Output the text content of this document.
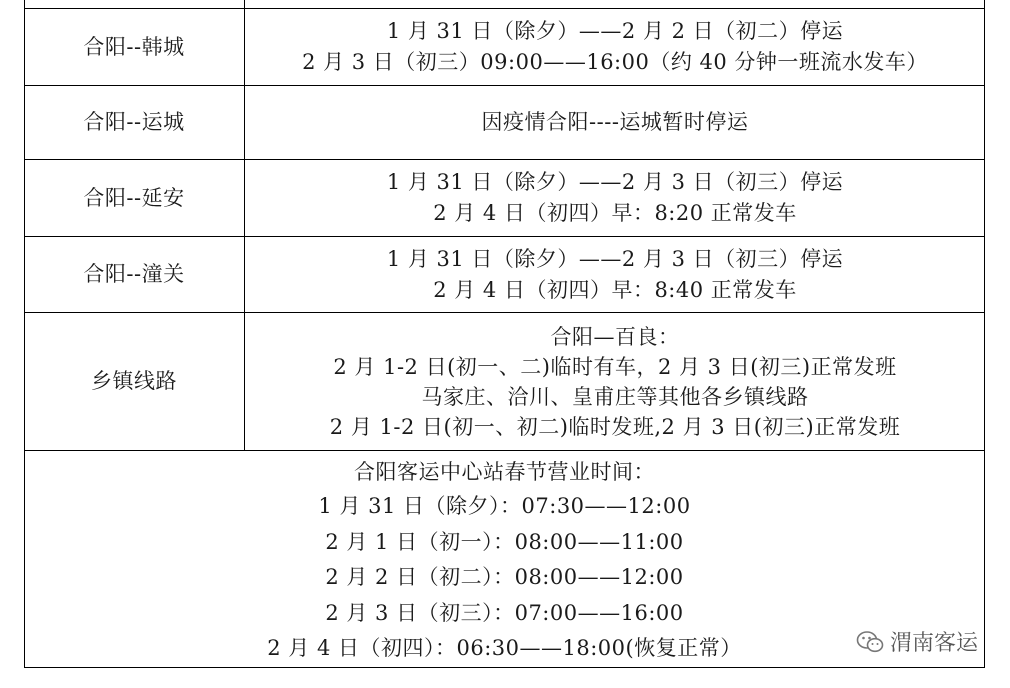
合阳--韩城
1 月 31 日（除夕）——2 月 2 日（初二）停运
2 月 3 日（初三）09:00——16:00（约 40 分钟一班流水发车）
合阳--运城	因疫情合阳----运城暂时停运
合阳--延安
1 月 31 日（除夕）——2 月 3 日（初三）停运
2 月 4 日（初四）早：8:20 正常发车
合阳--潼关
1 月 31 日（除夕）——2 月 3 日（初三）停运
2 月 4 日（初四）早：8:40 正常发车
乡镇线路
合阳—百良：
2 月 1-2 日(初一、二)临时有车，2 月 3 日(初三)正常发班
马家庄、洽川、皇甫庄等其他各乡镇线路
2 月 1-2 日(初一、初二)临时发班,2 月 3 日(初三)正常发班
合阳客运中心站春节营业时间：
1 月 31 日（除夕）：07:30——12:00
2 月 1 日（初一）：08:00——11:00
2 月 2 日（初二）：08:00——12:00
2 月 3 日（初三）：07:00——16:00
2 月 4 日（初四）：06:30——18:00(恢复正常）	渭南客运
